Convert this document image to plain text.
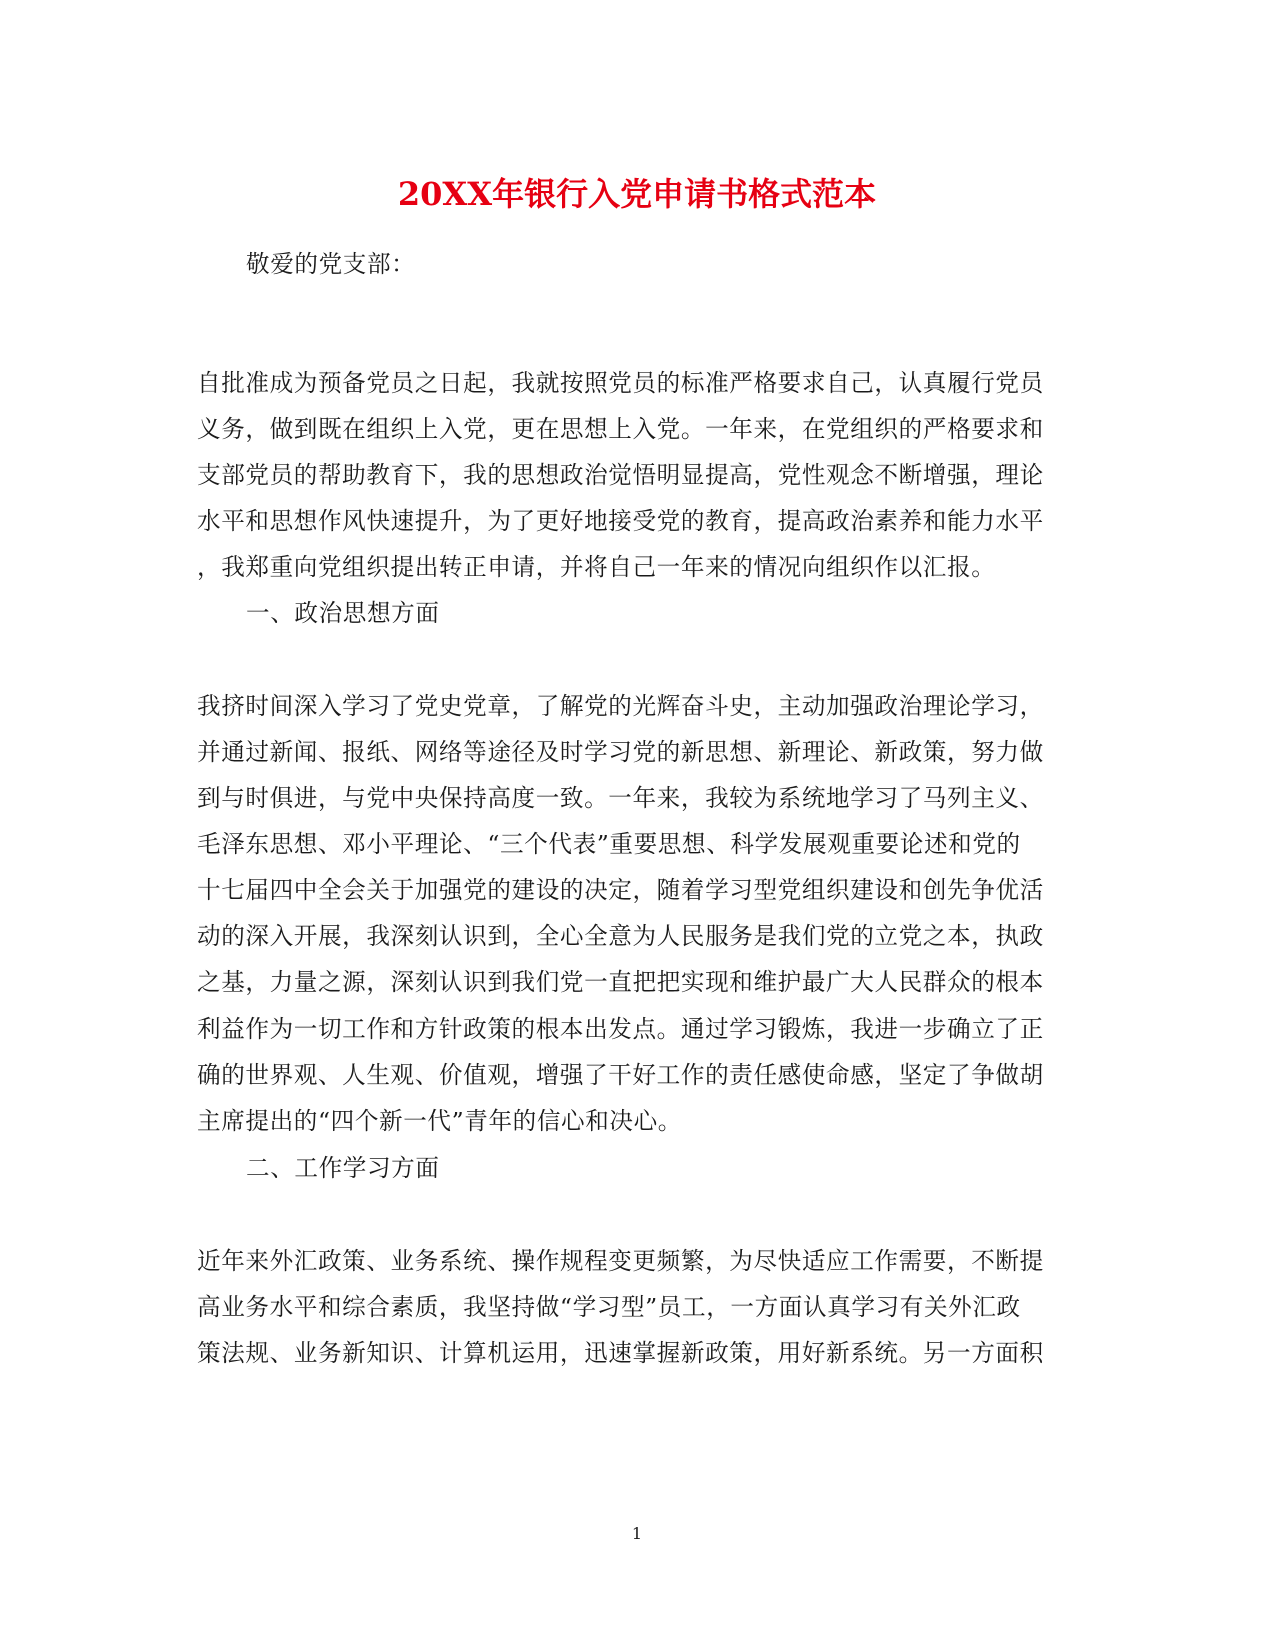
20XX年银行入党申请书格式范本
敬爱的党支部：
自批准成为预备党员之日起，我就按照党员的标准严格要求自己，认真履行党员
义务，做到既在组织上入党，更在思想上入党。一年来，在党组织的严格要求和
支部党员的帮助教育下，我的思想政治觉悟明显提高，党性观念不断增强，理论
水平和思想作风快速提升，为了更好地接受党的教育，提高政治素养和能力水平
，我郑重向党组织提出转正申请，并将自己一年来的情况向组织作以汇报。
一、政治思想方面
我挤时间深入学习了党史党章，了解党的光辉奋斗史，主动加强政治理论学习，
并通过新闻、报纸、网络等途径及时学习党的新思想、新理论、新政策，努力做
到与时俱进，与党中央保持高度一致。一年来，我较为系统地学习了马列主义、
毛泽东思想、邓小平理论、“三个代表”重要思想、科学发展观重要论述和党的
十七届四中全会关于加强党的建设的决定，随着学习型党组织建设和创先争优活
动的深入开展，我深刻认识到，全心全意为人民服务是我们党的立党之本，执政
之基，力量之源，深刻认识到我们党一直把把实现和维护最广大人民群众的根本
利益作为一切工作和方针政策的根本出发点。通过学习锻炼，我进一步确立了正
确的世界观、人生观、价值观，增强了干好工作的责任感使命感，坚定了争做胡
主席提出的“四个新一代”青年的信心和决心。
二、工作学习方面
近年来外汇政策、业务系统、操作规程变更频繁，为尽快适应工作需要，不断提
高业务水平和综合素质，我坚持做“学习型”员工，一方面认真学习有关外汇政
策法规、业务新知识、计算机运用，迅速掌握新政策，用好新系统。另一方面积
1
